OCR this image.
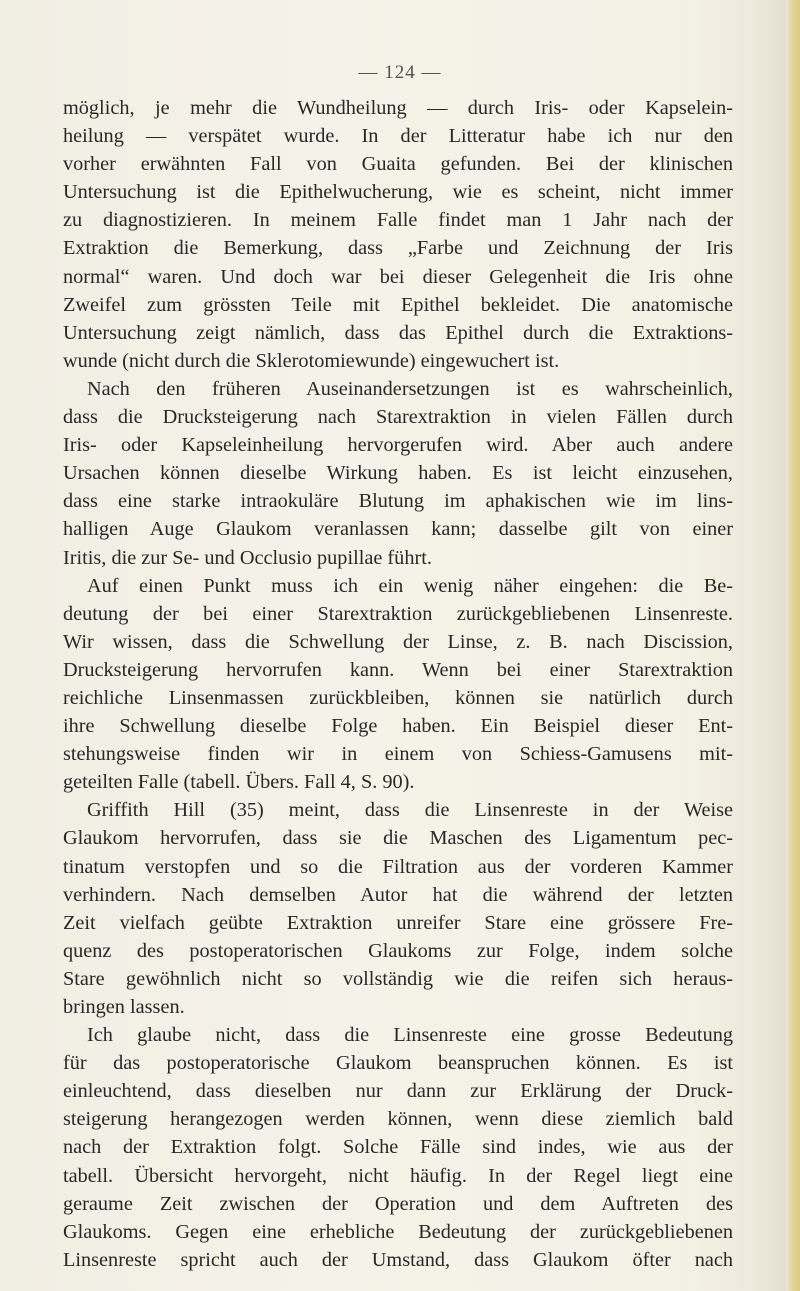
— 124 —
möglich, je mehr die Wundheilung — durch Iris- oder Kapselein-
heilung — verspätet wurde. In der Litteratur habe ich nur den
vorher erwähnten Fall von Guaita gefunden. Bei der klinischen
Untersuchung ist die Epithelwucherung, wie es scheint, nicht immer
zu diagnostizieren. In meinem Falle findet man 1 Jahr nach der
Extraktion die Bemerkung, dass „Farbe und Zeichnung der Iris
normal“ waren. Und doch war bei dieser Gelegenheit die Iris ohne
Zweifel zum grössten Teile mit Epithel bekleidet. Die anatomische
Untersuchung zeigt nämlich, dass das Epithel durch die Extraktions-
wunde (nicht durch die Sklerotomiewunde) eingewuchert ist.
Nach den früheren Auseinandersetzungen ist es wahrscheinlich,
dass die Drucksteigerung nach Starextraktion in vielen Fällen durch
Iris- oder Kapseleinheilung hervorgerufen wird. Aber auch andere
Ursachen können dieselbe Wirkung haben. Es ist leicht einzusehen,
dass eine starke intraokuläre Blutung im aphakischen wie im lins-
halligen Auge Glaukom veranlassen kann; dasselbe gilt von einer
Iritis, die zur Se- und Occlusio pupillae führt.
Auf einen Punkt muss ich ein wenig näher eingehen: die Be-
deutung der bei einer Starextraktion zurückgebliebenen Linsenreste.
Wir wissen, dass die Schwellung der Linse, z. B. nach Discission,
Drucksteigerung hervorrufen kann. Wenn bei einer Starextraktion
reichliche Linsenmassen zurückbleiben, können sie natürlich durch
ihre Schwellung dieselbe Folge haben. Ein Beispiel dieser Ent-
stehungsweise finden wir in einem von Schiess-Gamusens mit-
geteilten Falle (tabell. Übers. Fall 4, S. 90).
Griffith Hill (35) meint, dass die Linsenreste in der Weise
Glaukom hervorrufen, dass sie die Maschen des Ligamentum pec-
tinatum verstopfen und so die Filtration aus der vorderen Kammer
verhindern. Nach demselben Autor hat die während der letzten
Zeit vielfach geübte Extraktion unreifer Stare eine grössere Fre-
quenz des postoperatorischen Glaukoms zur Folge, indem solche
Stare gewöhnlich nicht so vollständig wie die reifen sich heraus-
bringen lassen.
Ich glaube nicht, dass die Linsenreste eine grosse Bedeutung
für das postoperatorische Glaukom beanspruchen können. Es ist
einleuchtend, dass dieselben nur dann zur Erklärung der Druck-
steigerung herangezogen werden können, wenn diese ziemlich bald
nach der Extraktion folgt. Solche Fälle sind indes, wie aus der
tabell. Übersicht hervorgeht, nicht häufig. In der Regel liegt eine
geraume Zeit zwischen der Operation und dem Auftreten des
Glaukoms. Gegen eine erhebliche Bedeutung der zurückgebliebenen
Linsenreste spricht auch der Umstand, dass Glaukom öfter nach
